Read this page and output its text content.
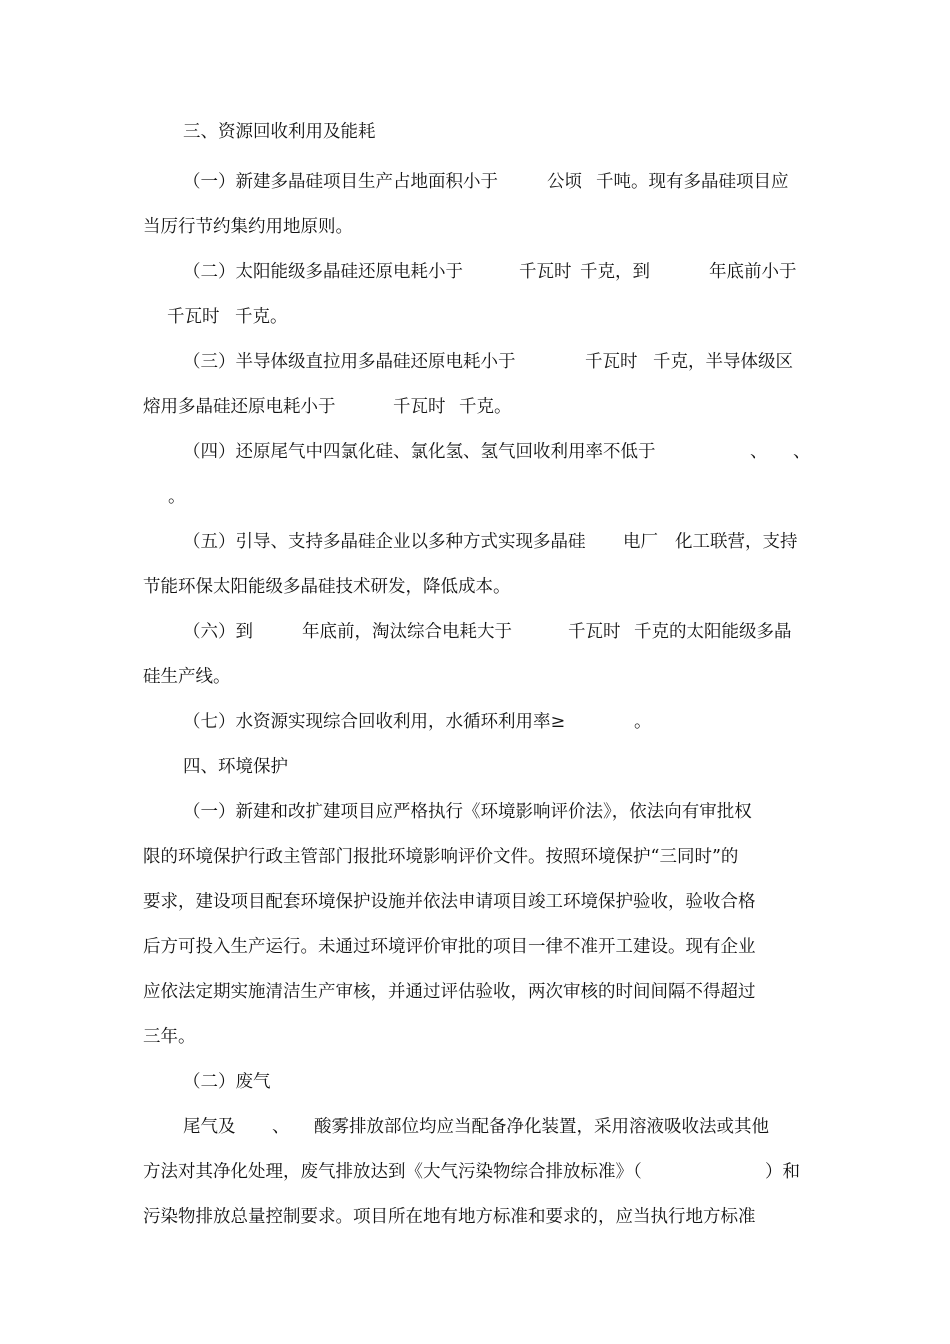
三、资源回收利用及能耗

（一）新建多晶硅项目生产占地面积小于

	公顷

千吨。现有多晶硅项目应

当厉行节约集约用地原则。

（二）太阳能级多晶硅还原电耗小于

	千瓦时

千克，到

	年底前小于

千瓦时

千克。

（三）半导体级直拉用多晶硅还原电耗小于

	千瓦时

千克，半导体级区

熔用多晶硅还原电耗小于

	千瓦时

千克。

（四）还原尾气中四氯化硅、氯化氢、氢气回收利用率不低于

	、

、

。

（五）引导、支持多晶硅企业以多种方式实现多晶硅

电厂

化工联营，支持

节能环保太阳能级多晶硅技术研发，降低成本。

（六）到

	年底前，淘汰综合电耗大于

	千瓦时

千克的太阳能级多晶

硅生产线。

（七）水资源实现综合回收利用，水循环利用率≥

	。

四、环境保护

（一）新建和改扩建项目应严格执行《环境影响评价法》，依法向有审批权

限的环境保护行政主管部门报批环境影响评价文件。按照环境保护“三同时”的

要求，建设项目配套环境保护设施并依法申请项目竣工环境保护验收，验收合格

后方可投入生产运行。未通过环境评价审批的项目一律不准开工建设。现有企业

应依法定期实施清洁生产审核，并通过评估验收，两次审核的时间间隔不得超过

三年。

（二）废气

尾气及

、

酸雾排放部位均应当配备净化装置，采用溶液吸收法或其他

方法对其净化处理，废气排放达到《大气污染物综合排放标准》（

	）和

污染物排放总量控制要求。项目所在地有地方标准和要求的，应当执行地方标准
